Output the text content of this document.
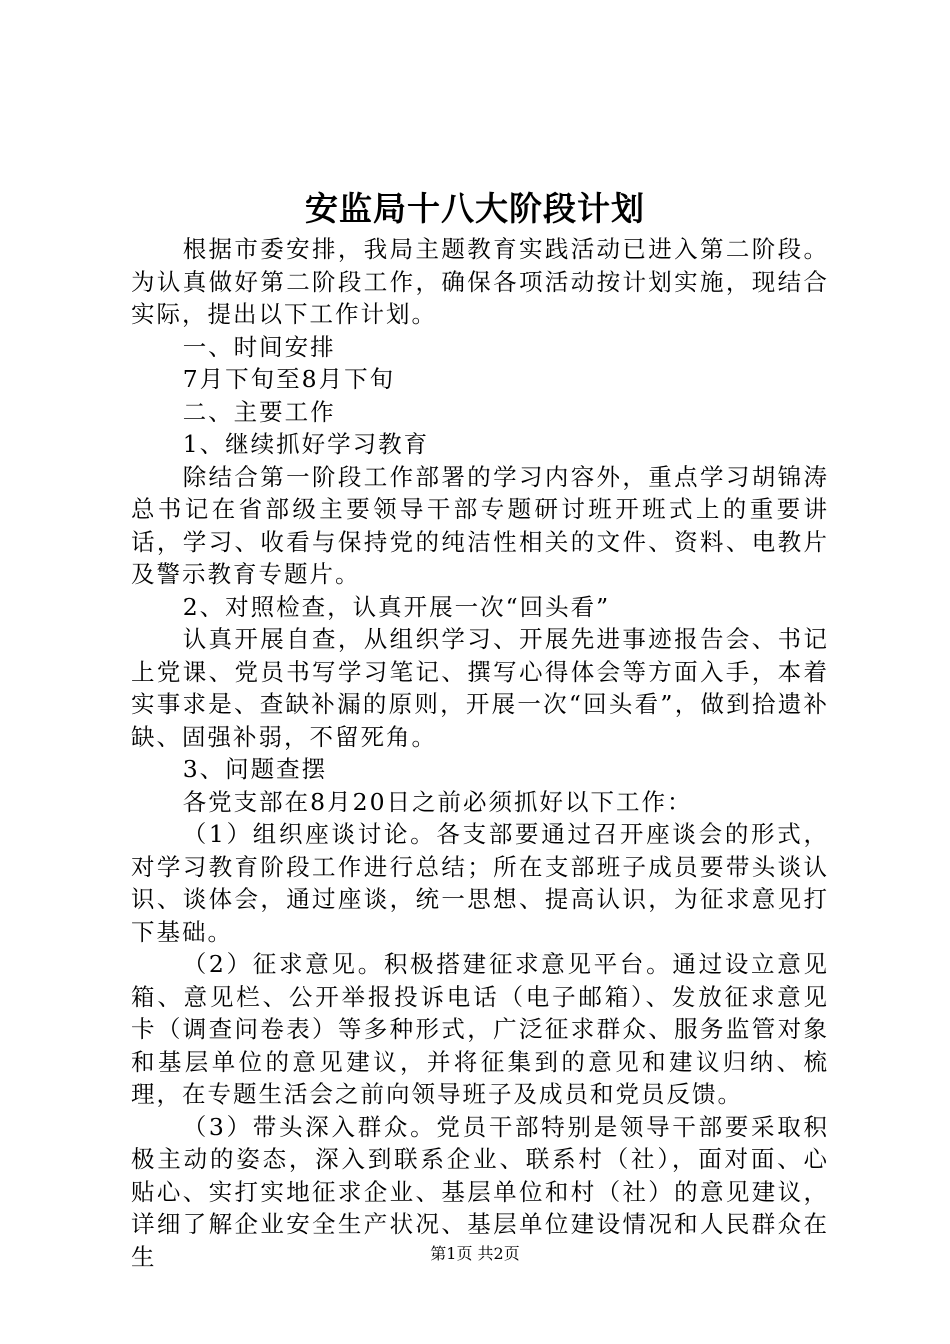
安监局十八大阶段计划

根据市委安排，我局主题教育实践活动已进入第二阶段。为认真做好第二阶段工作，确保各项活动按计划实施，现结合实际，提出以下工作计划。

一、时间安排

7月下旬至8月下旬

二、主要工作

1、继续抓好学习教育

除结合第一阶段工作部署的学习内容外，重点学习胡锦涛总书记在省部级主要领导干部专题研讨班开班式上的重要讲话，学习、收看与保持党的纯洁性相关的文件、资料、电教片及警示教育专题片。

2、对照检查，认真开展一次“回头看”

认真开展自查，从组织学习、开展先进事迹报告会、书记上党课、党员书写学习笔记、撰写心得体会等方面入手，本着实事求是、查缺补漏的原则，开展一次“回头看”，做到拾遗补缺、固强补弱，不留死角。

3、问题查摆

各党支部在8月20日之前必须抓好以下工作：

（1）组织座谈讨论。各支部要通过召开座谈会的形式，对学习教育阶段工作进行总结；所在支部班子成员要带头谈认识、谈体会，通过座谈，统一思想、提高认识，为征求意见打下基础。

（2）征求意见。积极搭建征求意见平台。通过设立意见箱、意见栏、公开举报投诉电话（电子邮箱）、发放征求意见卡（调查问卷表）等多种形式，广泛征求群众、服务监管对象和基层单位的意见建议，并将征集到的意见和建议归纳、梳理，在专题生活会之前向领导班子及成员和党员反馈。

（3）带头深入群众。党员干部特别是领导干部要采取积极主动的姿态，深入到联系企业、联系村（社），面对面、心贴心、实打实地征求企业、基层单位和村（社）的意见建议，详细了解企业安全生产状况、基层单位建设情况和人民群众在生	第1页 共2页
